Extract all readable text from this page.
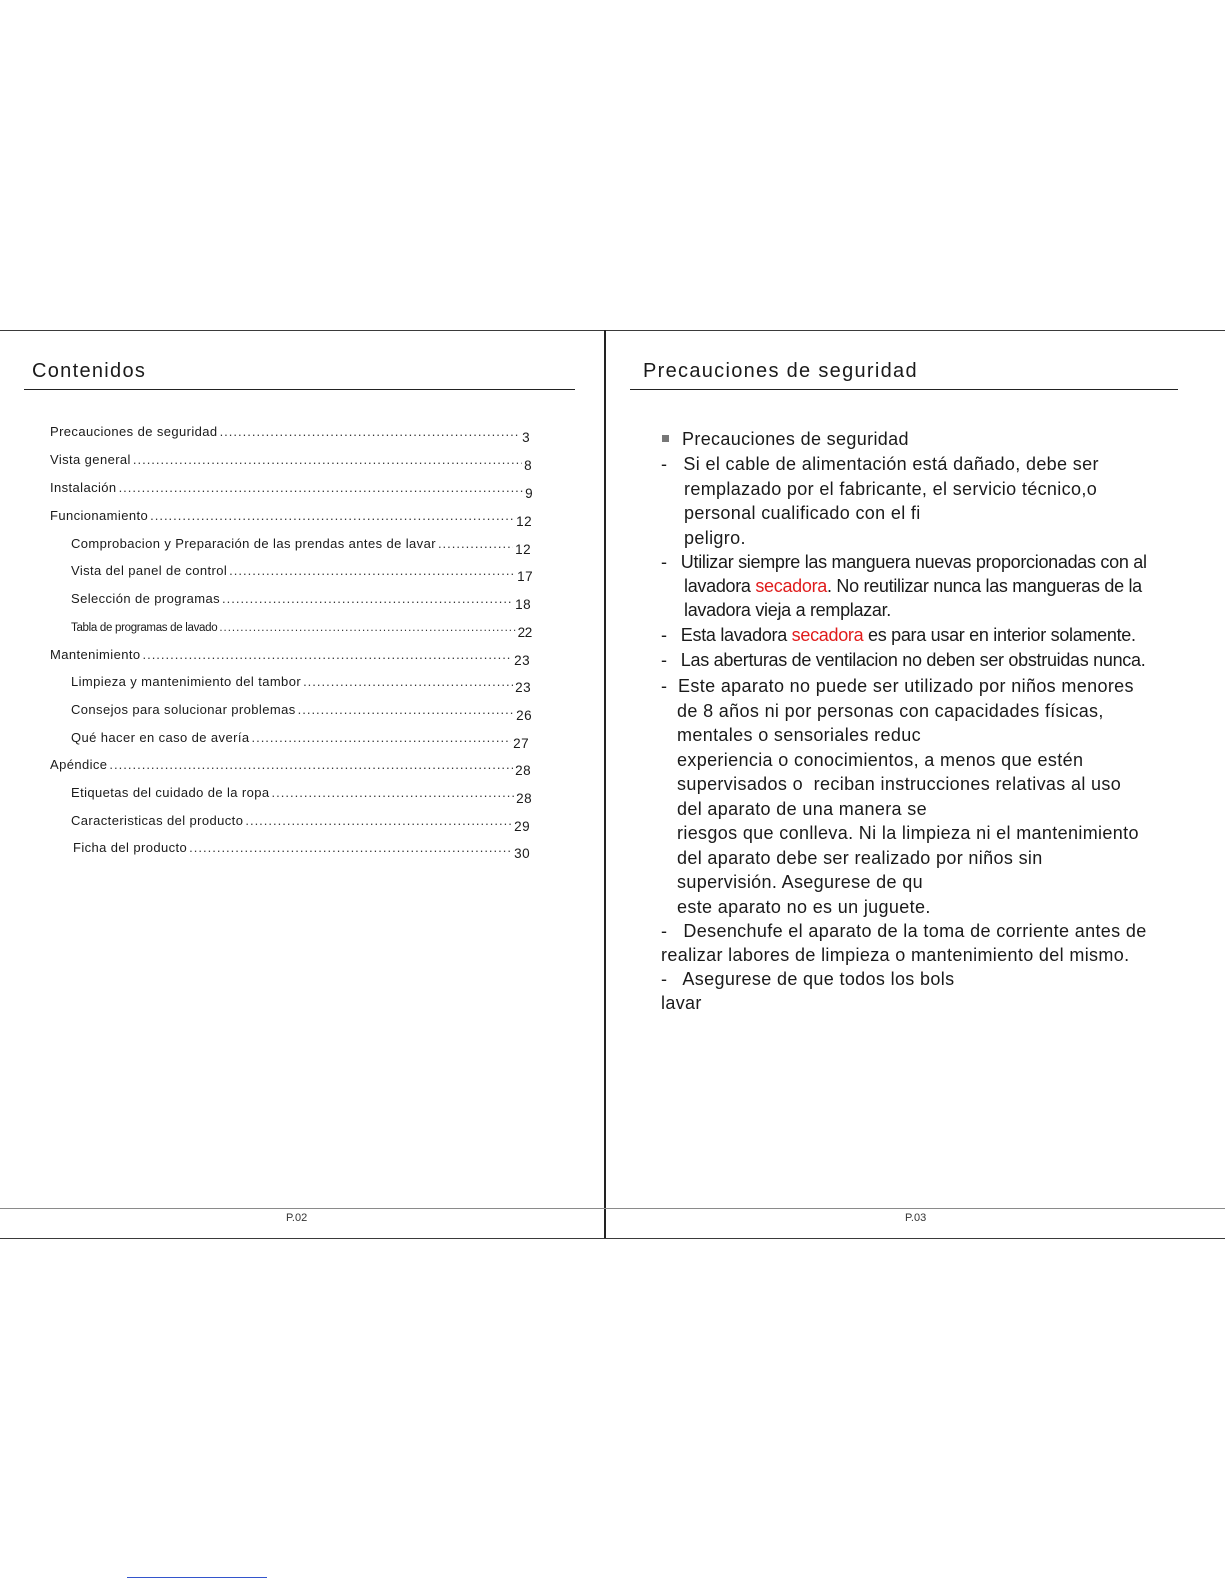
Contenidos
Precauciones de seguridad .....	3
Vista general .....	8
Instalación .....	9
Funcionamiento .....	12
Comprobacion y Preparación de las prendas antes de lavar .....	12
Vista del panel de control .....	17
Selección de programas .....	18
Tabla de programas de lavado .....	22
Mantenimiento .....	23
Limpieza y mantenimiento del tambor .....	23
Consejos para solucionar problemas .....	26
Qué hacer en caso de avería .....	27
Apéndice .....	28
Etiquetas del cuidado de la ropa .....	28
Caracteristicas del producto .....	29
Ficha del producto .....	30
P.02
Precauciones de seguridad
Precauciones de seguridad
-   Si el cable de alimentación está dañado, debe ser
remplazado por el fabricante, el servicio técnico,o
personal cualificado con el fi
peligro.
-   Utilizar siempre las manguera nuevas proporcionadas con al
lavadora secadora. No reutilizar nunca las mangueras de la
lavadora vieja a remplazar.
-   Esta lavadora secadora es para usar en interior solamente.
-   Las aberturas de ventilacion no deben ser obstruidas nunca.
-  Este aparato no puede ser utilizado por niños menores
de 8 años ni por personas con capacidades físicas,
mentales o sensoriales reduc
experiencia o conocimientos, a menos que estén
supervisados o  reciban instrucciones relativas al uso
del aparato de una manera se
riesgos que conlleva. Ni la limpieza ni el mantenimiento
del aparato debe ser realizado por niños sin
supervisión. Asegurese de qu
este aparato no es un juguete.
-   Desenchufe el aparato de la toma de corriente antes de
realizar labores de limpieza o mantenimiento del mismo.
-   Asegurese de que todos los bols
lavar
P.03
